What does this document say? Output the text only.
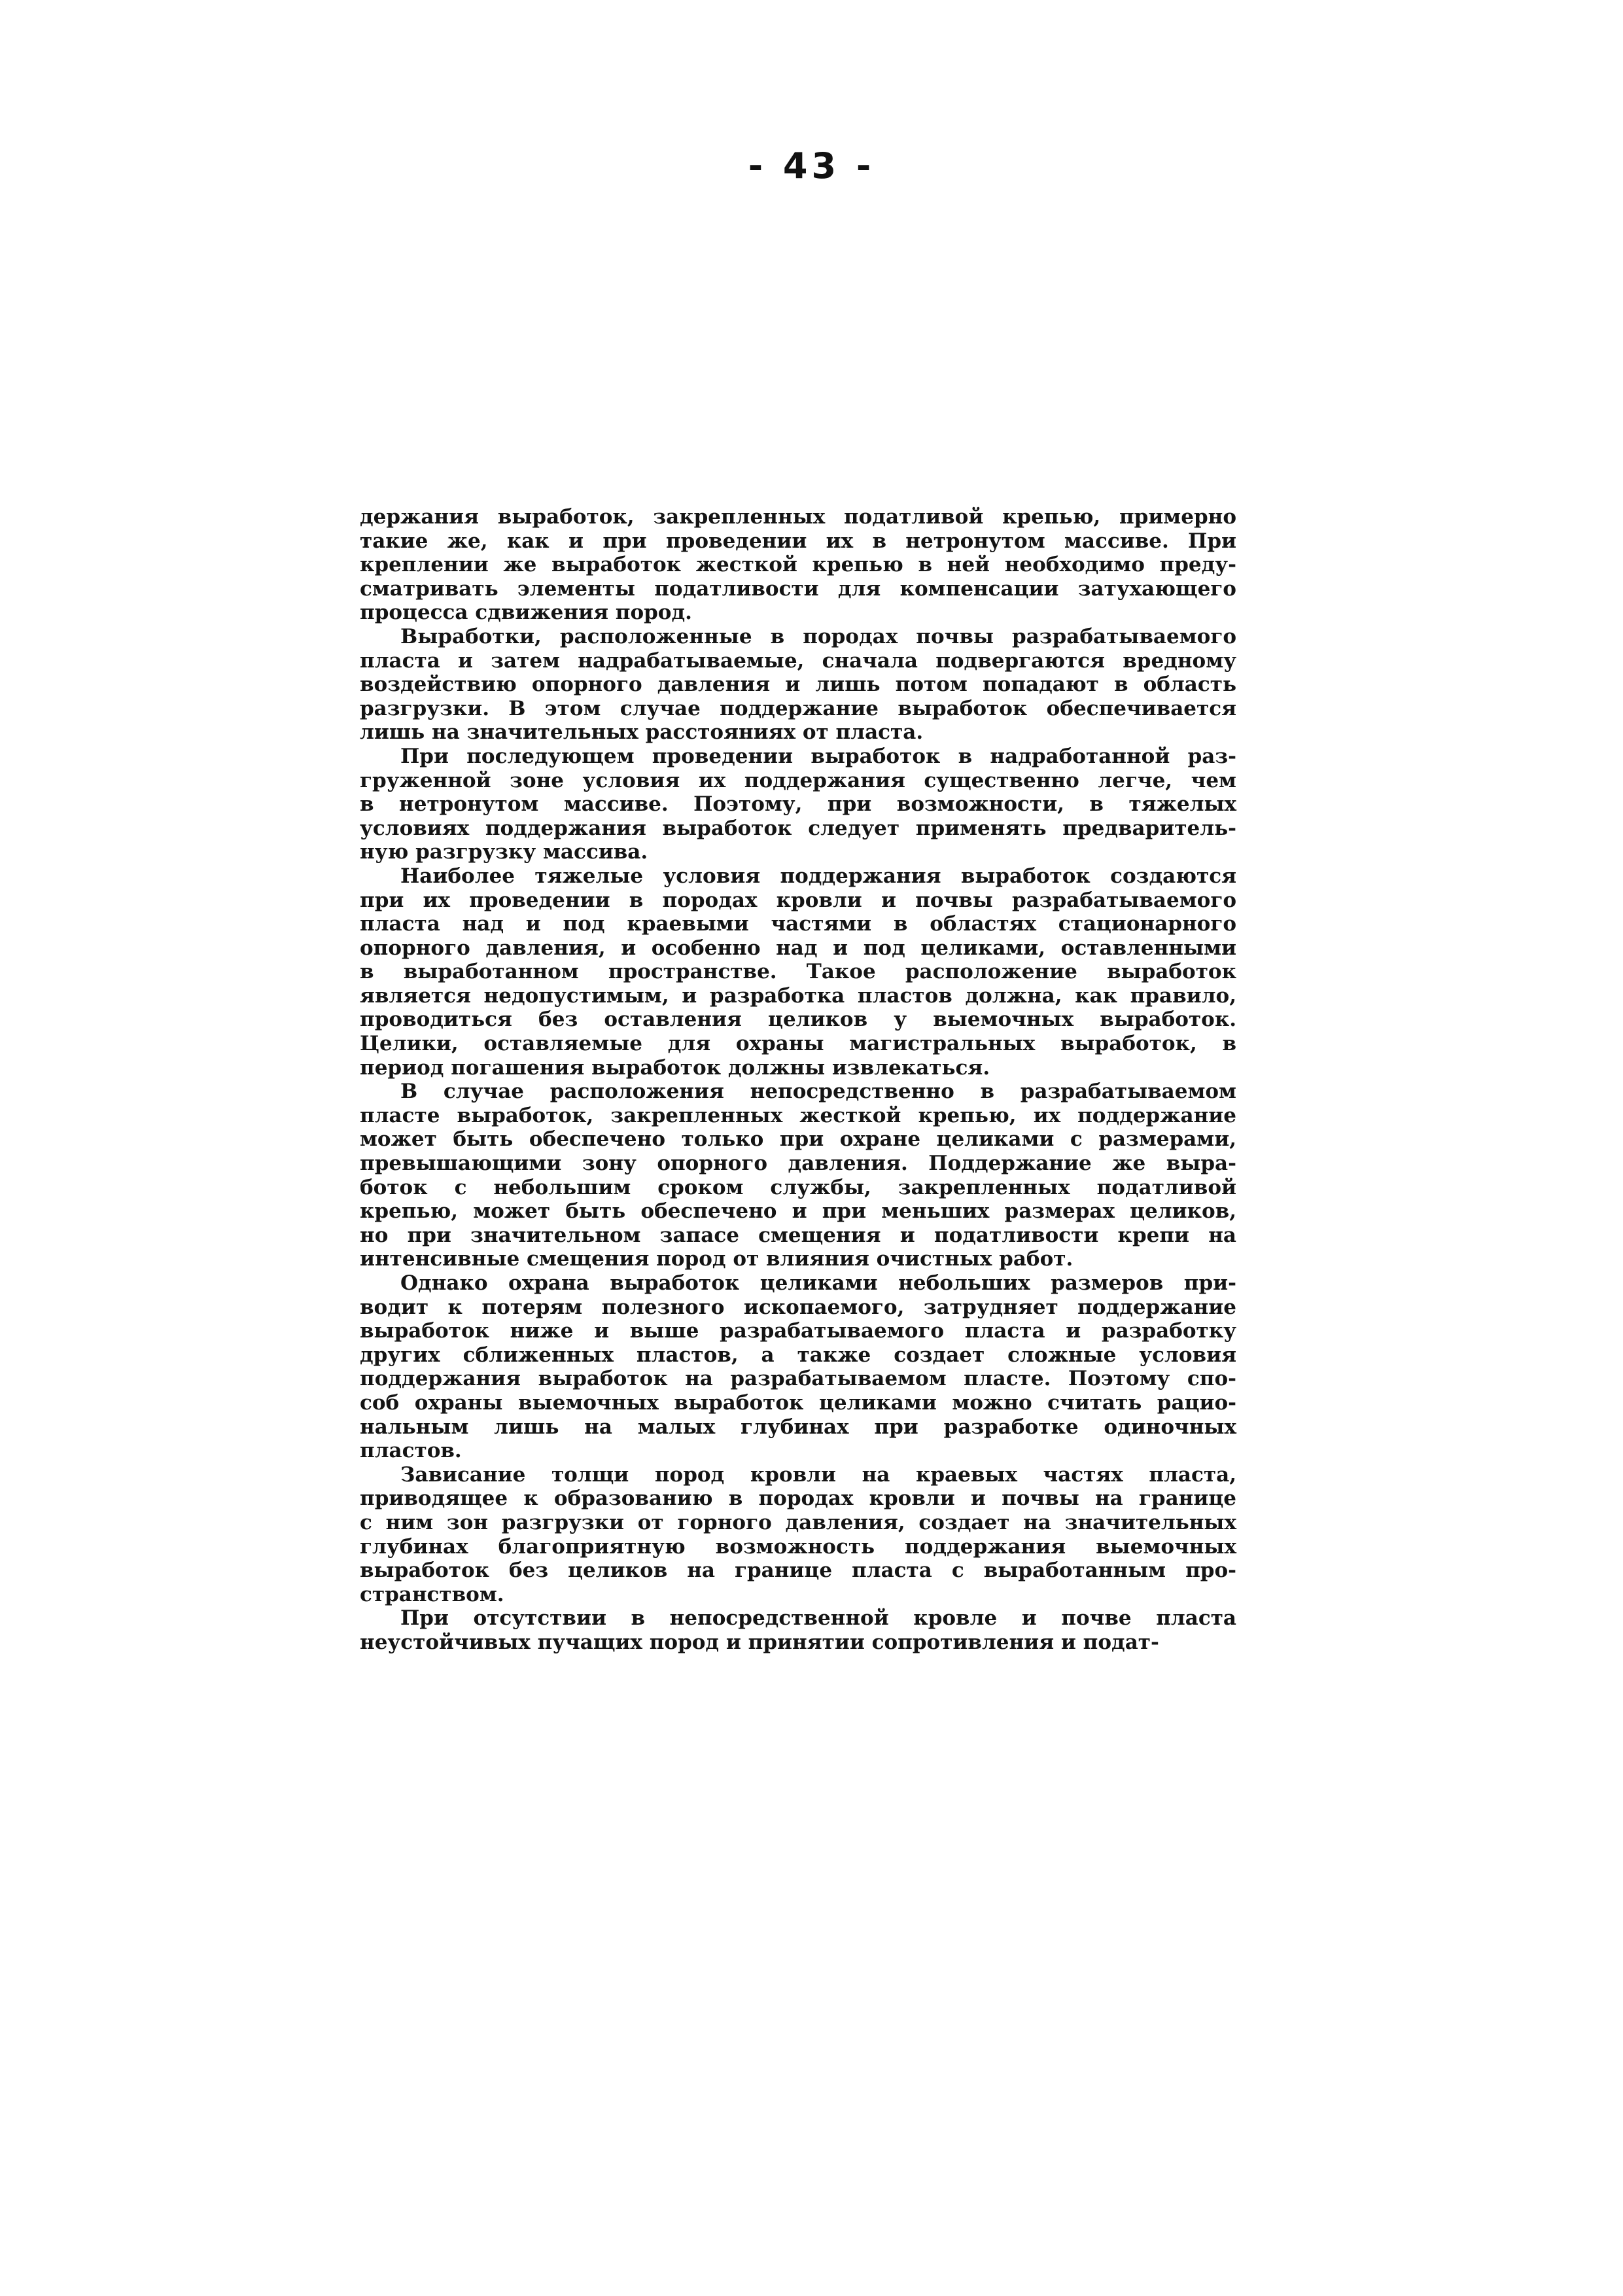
- 43 -

держания выработок, закрепленных податливой крепью, примерно
такие же, как и при проведении их в нетронутом массиве. При
креплении же выработок жесткой крепью в ней необходимо преду-
сматривать элементы податливости для компенсации затухающего
процесса сдвижения пород.

Выработки, расположенные в породах почвы разрабатываемого
пласта и затем надрабатываемые, сначала подвергаются вредному
воздействию опорного давления и лишь потом попадают в область
разгрузки. В этом случае поддержание выработок обеспечивается
лишь на значительных расстояниях от пласта.

При последующем проведении выработок в надработанной раз-
груженной зоне условия их поддержания существенно легче, чем
в нетронутом массиве. Поэтому, при возможности, в тяжелых
условиях поддержания выработок следует применять предваритель-
ную разгрузку массива.

Наиболее тяжелые условия поддержания выработок создаются
при их проведении в породах кровли и почвы разрабатываемого
пласта над и под краевыми частями в областях стационарного
опорного давления, и особенно над и под целиками, оставленными
в выработанном пространстве. Такое расположение выработок
является недопустимым, и разработка пластов должна, как правило,
проводиться без оставления целиков у выемочных выработок.
Целики, оставляемые для охраны магистральных выработок, в
период погашения выработок должны извлекаться.

В случае расположения непосредственно в разрабатываемом
пласте выработок, закрепленных жесткой крепью, их поддержание
может быть обеспечено только при охране целиками с размерами,
превышающими зону опорного давления. Поддержание же выра-
боток с небольшим сроком службы, закрепленных податливой
крепью, может быть обеспечено и при меньших размерах целиков,
но при значительном запасе смещения и податливости крепи на
интенсивные смещения пород от влияния очистных работ.

Однако охрана выработок целиками небольших размеров при-
водит к потерям полезного ископаемого, затрудняет поддержание
выработок ниже и выше разрабатываемого пласта и разработку
других сближенных пластов, а также создает сложные условия
поддержания выработок на разрабатываемом пласте. Поэтому спо-
соб охраны выемочных выработок целиками можно считать рацио-
нальным лишь на малых глубинах при разработке одиночных
пластов.

Зависание толщи пород кровли на краевых частях пласта,
приводящее к образованию в породах кровли и почвы на границе
с ним зон разгрузки от горного давления, создает на значительных
глубинах благоприятную возможность поддержания выемочных
выработок без целиков на границе пласта с выработанным про-
странством.

При отсутствии в непосредственной кровле и почве пласта
неустойчивых пучащих пород и принятии сопротивления и подат-
